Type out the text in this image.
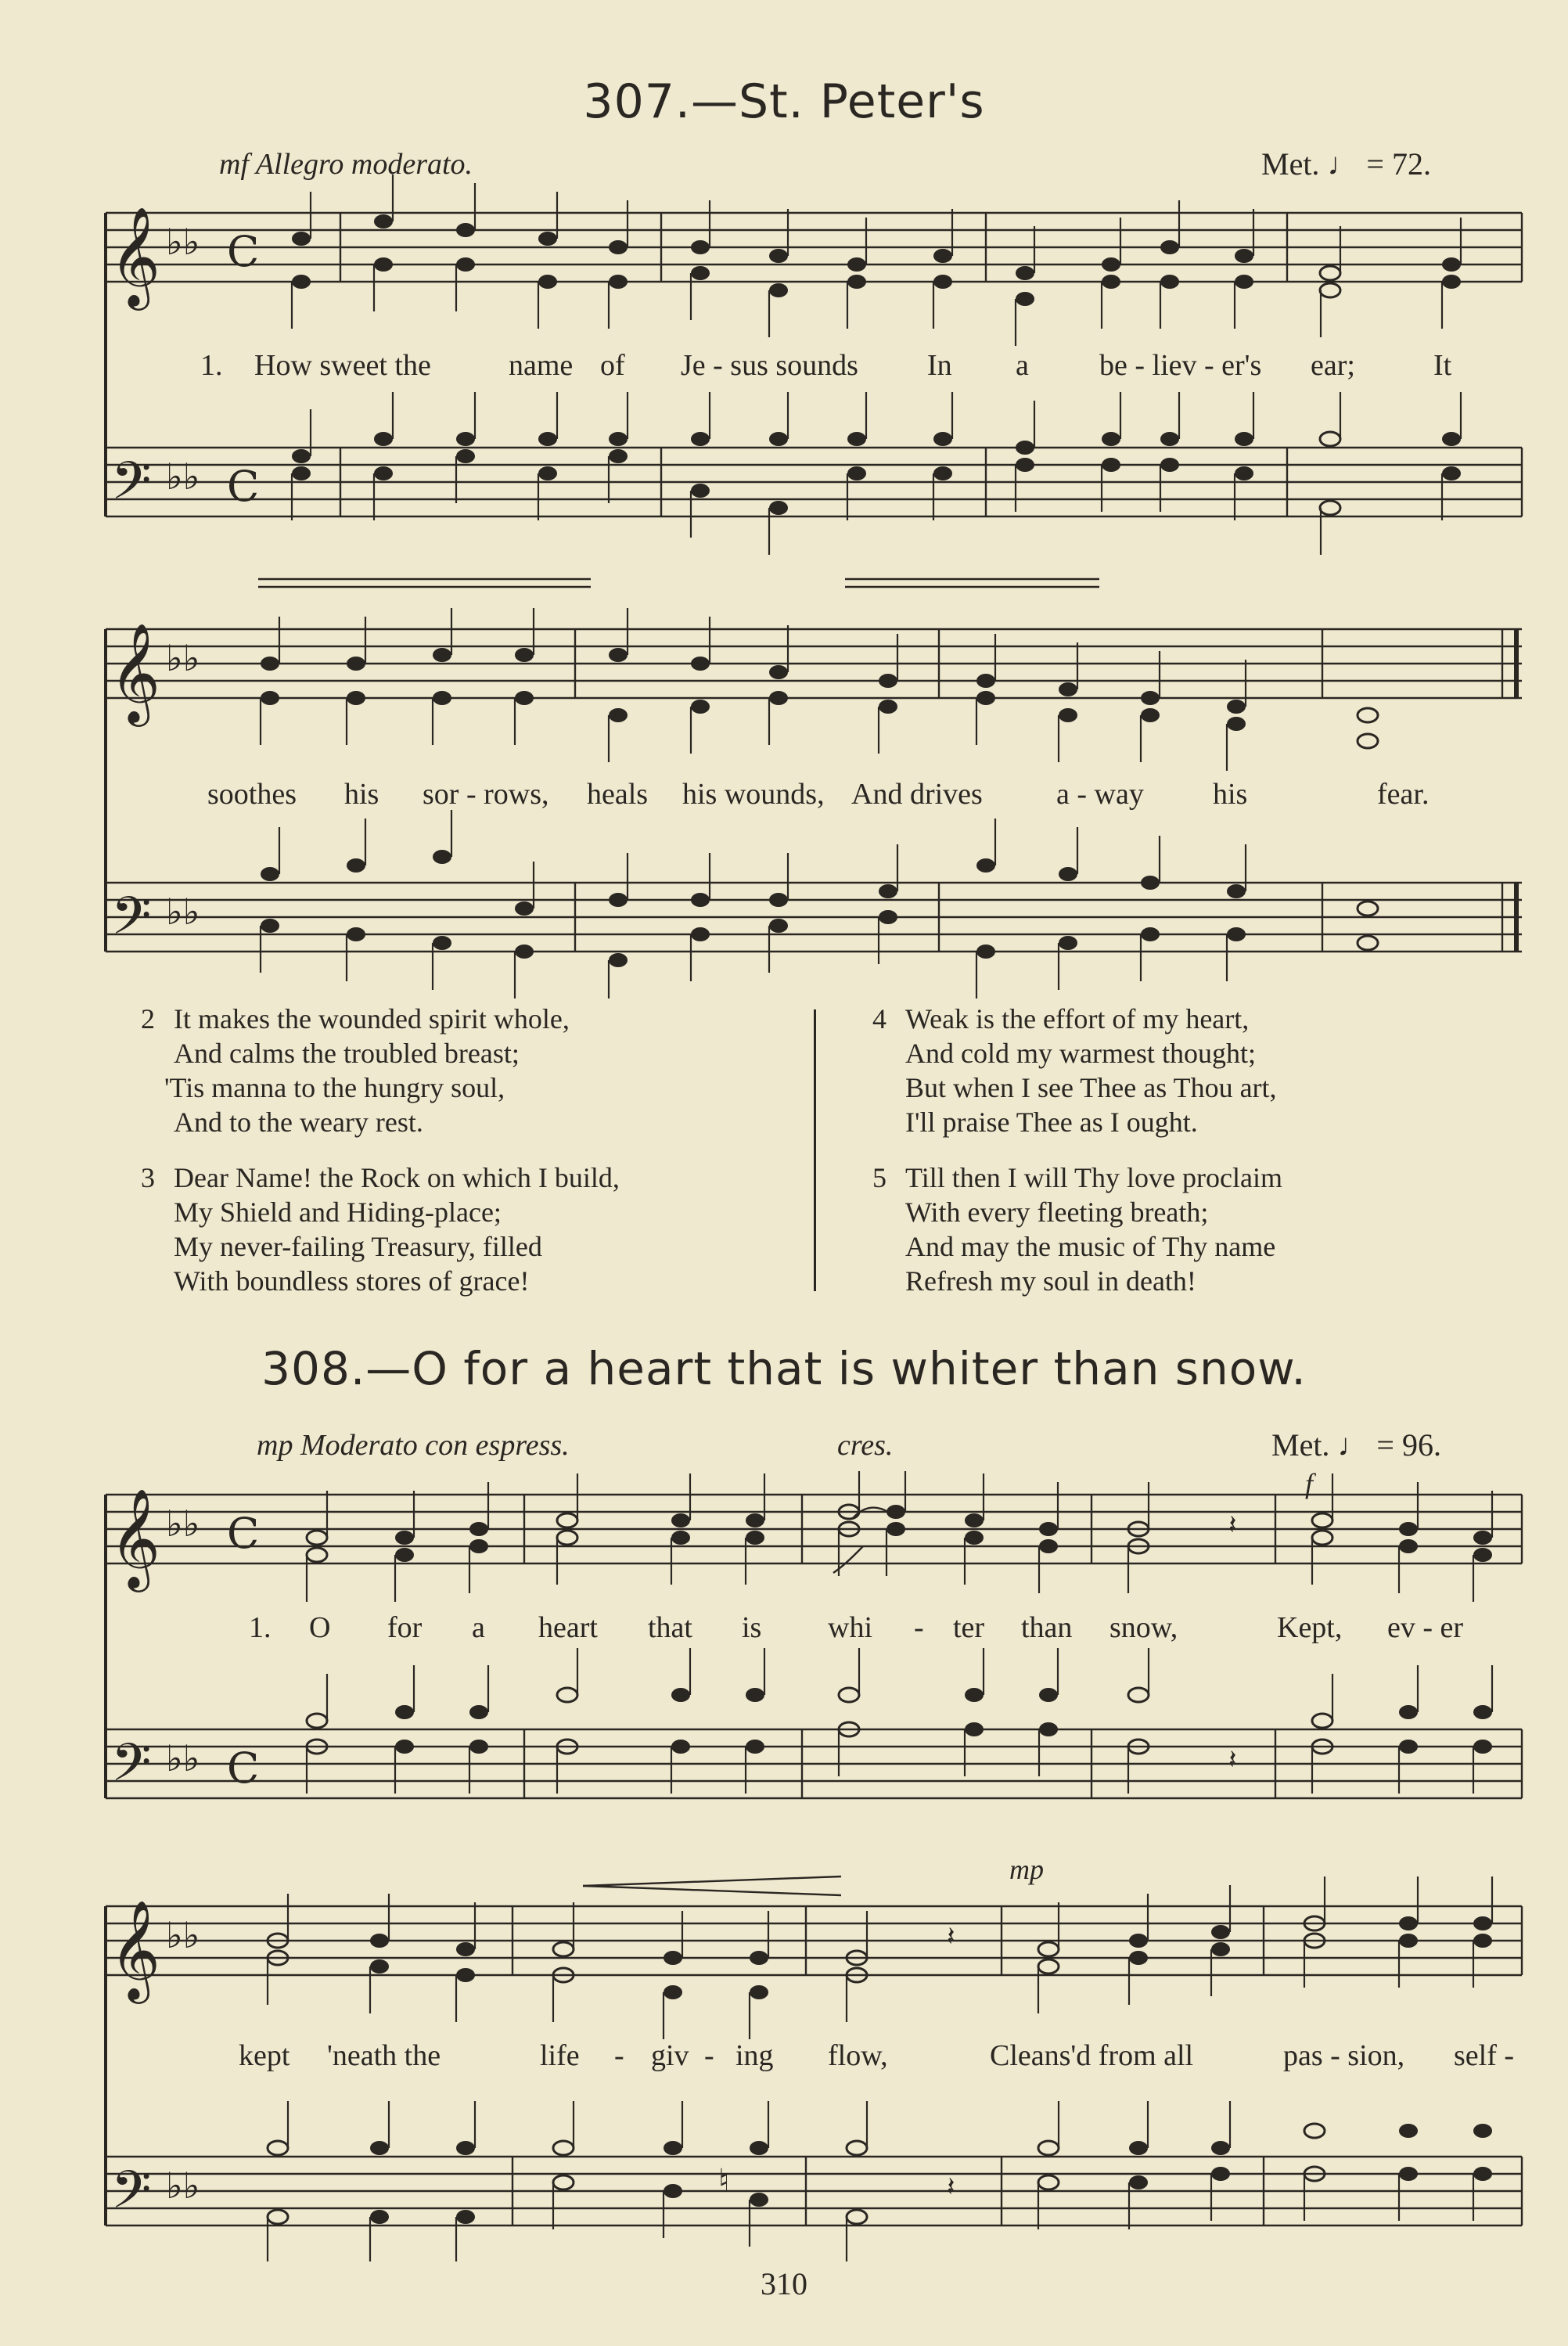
307.—St. Peter's
mf Allegro moderato.	Met. ♩ = 72.
𝄞
𝄢
♭♭
♭♭
C
C
1. How sweet the	name of Je - sus sounds In a be - liev - er's ear;	It
𝄞
𝄢
♭♭
♭♭
soothes his sor - rows, heals his wounds, And drives a - way his	fear.
2 It makes the wounded spirit whole,
And calms the troubled breast;
'Tis manna to the hungry soul,
And to the weary rest.
3 Dear Name! the Rock on which I build,
My Shield and Hiding-place;
My never-failing Treasury, filled
With boundless stores of grace!
4 Weak is the effort of my heart,
And cold my warmest thought;
But when I see Thee as Thou art,
I'll praise Thee as I ought.
5 Till then I will Thy love proclaim
With every fleeting breath;
And may the music of Thy name
Refresh my soul in death!
308.—O for a heart that is whiter than snow.
mp Moderato con espress.	cres.	Met. ♩ = 96.
f
𝄞
𝄢
♭♭
♭♭
C
C
𝄽
𝄽
1. O for a heart that is whi - ter than snow,	Kept, ev - er
mp
𝄞
𝄢
♭♭
♭♭
𝄽
𝄽
♮
kept 'neath the	life - giv - ing flow,	Cleans'd from all	pas - sion, self -
310
